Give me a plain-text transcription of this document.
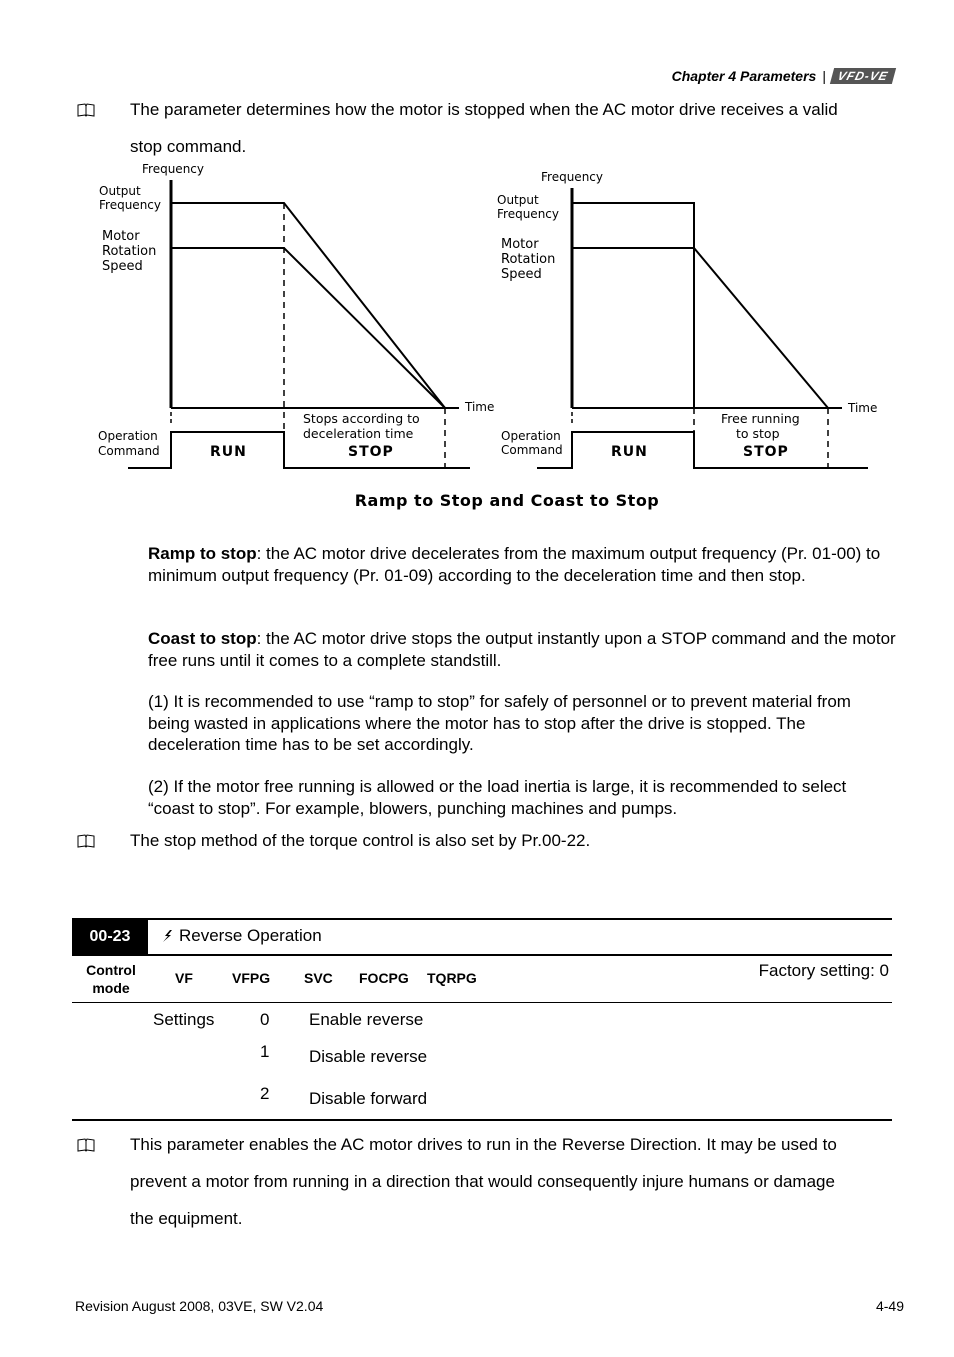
Chapter 4 Parameters | VFD-VE
The parameter determines how the motor is stopped when the AC motor drive receives a valid
stop command.
Frequency
Output
Frequency
Motor
Rotation
Speed
Time
Operation
Command	RUN	STOP
Stops according to
deceleration time
Frequency
Output
Frequency
Motor
Rotation
Speed
Time
Operation
Command	RUN	STOP
Free running
to stop
Ramp to Stop and Coast to Stop
Ramp to stop: the AC motor drive decelerates from the maximum output frequency (Pr. 01-00) to minimum output frequency (Pr. 01-09) according to the deceleration time and then stop.
Coast to stop: the AC motor drive stops the output instantly upon a STOP command and the motor free runs until it comes to a complete standstill.
(1) It is recommended to use “ramp to stop” for safely of personnel or to prevent material from being wasted in applications where the motor has to stop after the drive is stopped. The deceleration time has to be set accordingly.
(2) If the motor free running is allowed or the load inertia is large, it is recommended to select “coast to stop”. For example, blowers, punching machines and pumps.
The stop method of the torque control is also set by Pr.00-22.
00-23	Reverse Operation
Control
mode
VF	VFPG SVC FOCPG TQRPG	Factory setting: 0
Settings	0 Enable reverse
1 Disable reverse
2 Disable forward
This parameter enables the AC motor drives to run in the Reverse Direction. It may be used to
prevent a motor from running in a direction that would consequently injure humans or damage
the equipment.
Revision August 2008, 03VE, SW V2.04	4-49
